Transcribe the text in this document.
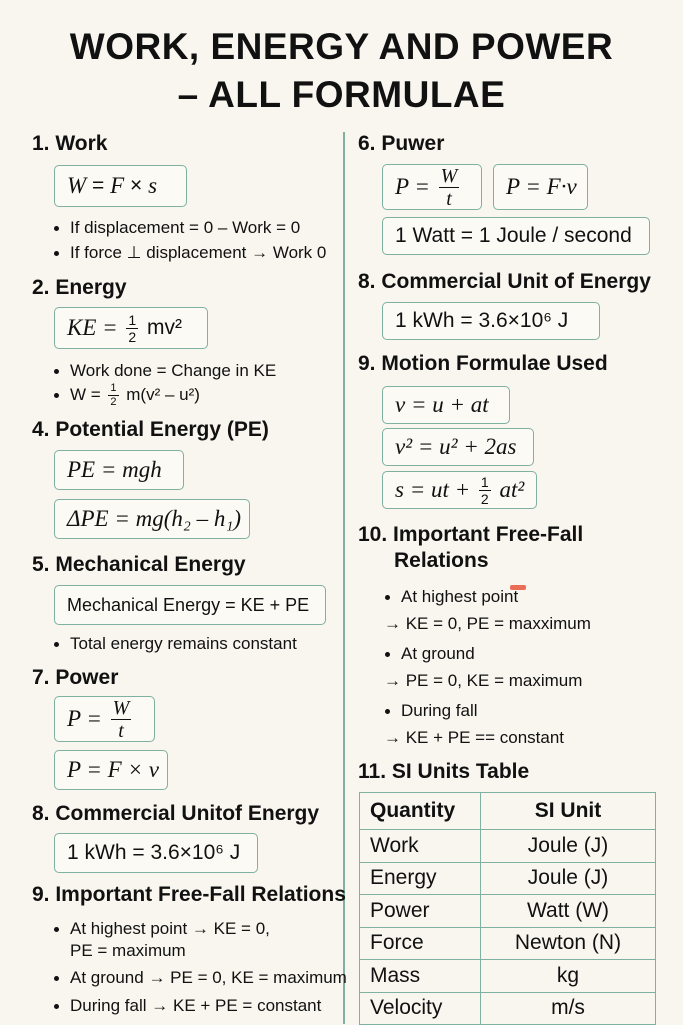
WORK, ENERGY AND POWER
– ALL FORMULAE
1. Work
W = F × s
If displacement = 0 – Work = 0
If force ⊥ displacement → Work 0
2. Energy
KE = $\frac{1}{2} mv^2$
Work done = Change in KE
$W = \frac{1}{2} m(v^2 - u^2)$
4. Potential Energy (PE)
PE = mgh
ΔPE = mg(h₂ – h₁)
5. Mechanical Energy
Mechanical Energy = KE + PE
Total energy remains constant
7. Power
$P = \frac{W}{t}$
P = F × v
8. Commercial Unitof Energy
1 kWh = 3.6×10⁶ J
9. Important Free-Fall Relations
At highest point → KE = 0,
PE = maximum
At ground → PE = 0, KE = maximum
During fall → KE + PE = constant
6. Puwer
$P = \frac{W}{t}$ P = F·v
1 Watt = 1 Joule / second
8. Commercial Unit of Energy
1 kWh = 3.6×10⁶ J
9. Motion Formulae Used
v = u + at
v² = u² + 2as
s = ut + $\frac{1}{2} at^2$
10. Important Free-Fall
Relations
At highest point
→ KE = 0, PE = maxximum
At ground
→ PE = 0, KE = maximum
During fall
→ KE + PE == constant
11. SI Units Table
Quantity	SI Unit
Work	Joule (J)
Energy	Joule (J)
Power	Watt (W)
Force	Newton (N)
Mass	kg
Velocity	m/s
